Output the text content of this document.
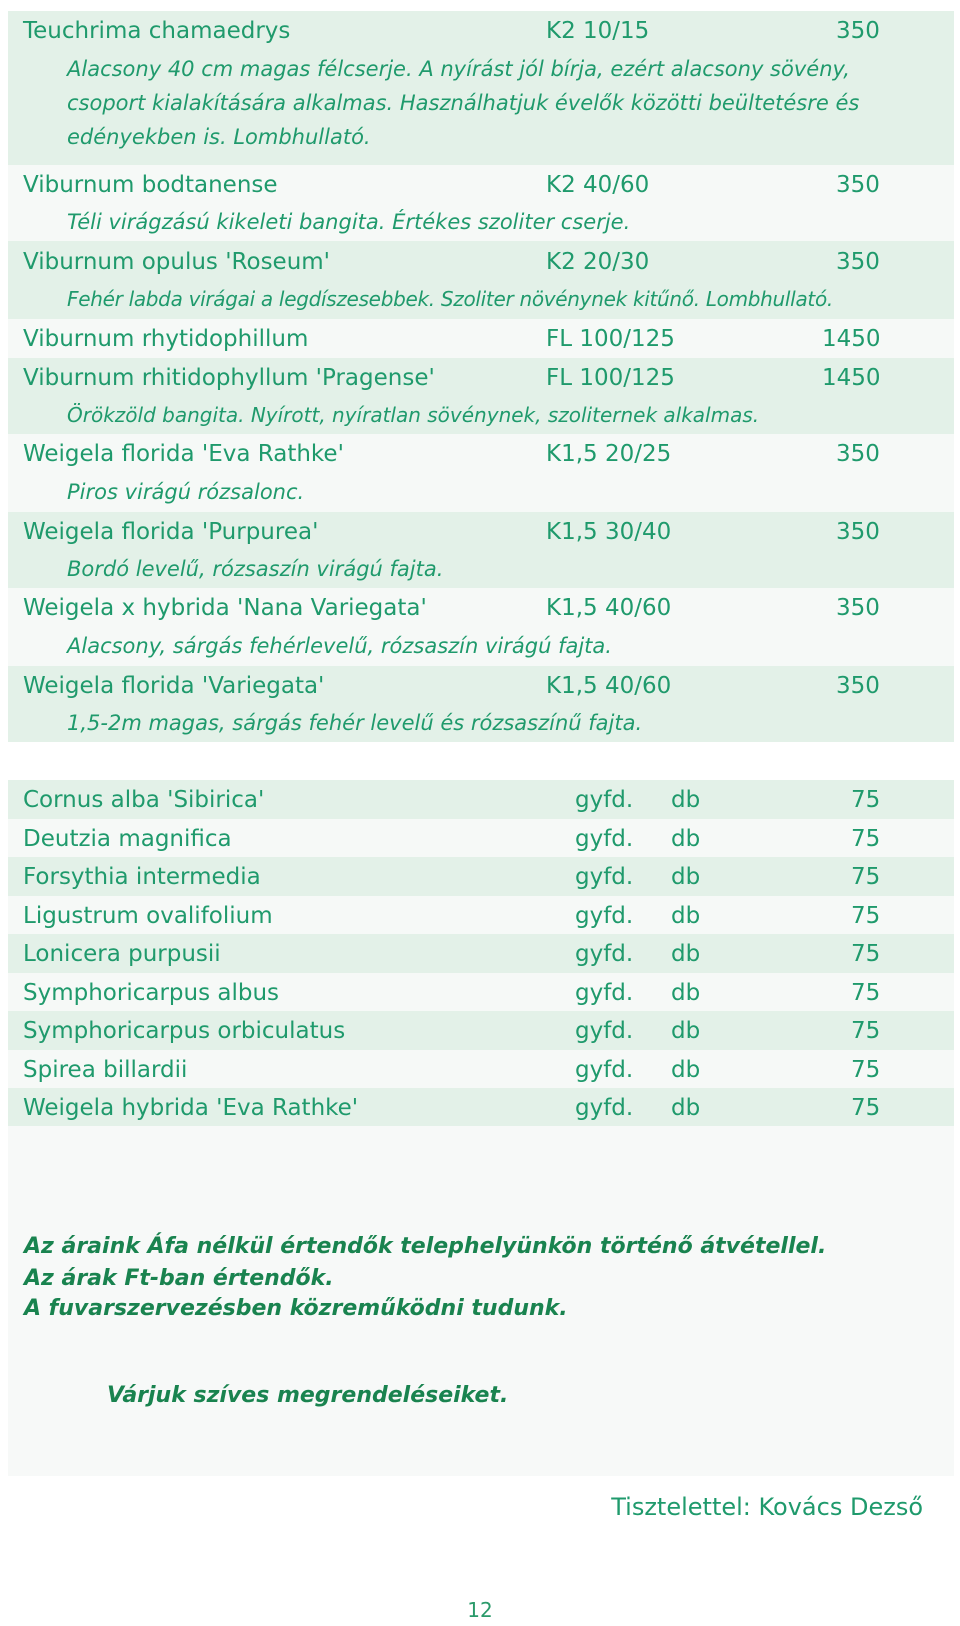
Teuchrima chamaedrys	K2 10/15	350
Alacsony 40 cm magas félcserje. A nyírást jól bírja, ezért alacsony sövény, csoport kialakítására alkalmas. Használhatjuk évelők közötti beültetésre és edényekben is. Lombhullató.
Viburnum bodtanense	K2 40/60	350
Téli virágzású kikeleti bangita. Értékes szoliter cserje.
Viburnum opulus 'Roseum'	K2 20/30	350
Fehér labda virágai a legdíszesebbek. Szoliter növénynek kitűnő. Lombhullató.
Viburnum rhytidophillum	FL 100/125	1450
Viburnum rhitidophyllum 'Pragense'	FL 100/125	1450
Örökzöld bangita. Nyírott, nyíratlan sövénynek, szoliternek alkalmas.
Weigela florida 'Eva Rathke'	K1,5 20/25	350
Piros virágú rózsalonc.
Weigela florida 'Purpurea'	K1,5 30/40	350
Bordó levelű, rózsaszín virágú fajta.
Weigela x hybrida 'Nana Variegata'	K1,5 40/60	350
Alacsony, sárgás fehérlevelű, rózsaszín virágú fajta.
Weigela florida 'Variegata'	K1,5 40/60	350
1,5-2m magas, sárgás fehér levelű és rózsaszínű fajta.
Cornus alba 'Sibirica'	gyfd. db	75
Deutzia magnifica	gyfd. db	75
Forsythia intermedia	gyfd. db	75
Ligustrum ovalifolium	gyfd. db	75
Lonicera purpusii	gyfd. db	75
Symphoricarpus albus	gyfd. db	75
Symphoricarpus orbiculatus	gyfd. db	75
Spirea billardii	gyfd. db	75
Weigela hybrida 'Eva Rathke'	gyfd. db	75
Az áraink Áfa nélkül értendők telephelyünkön történő átvétellel.
Az árak Ft-ban értendők.
A fuvarszervezésben közreműködni tudunk.
Várjuk szíves megrendeléseiket.
Tisztelettel: Kovács Dezső
12
